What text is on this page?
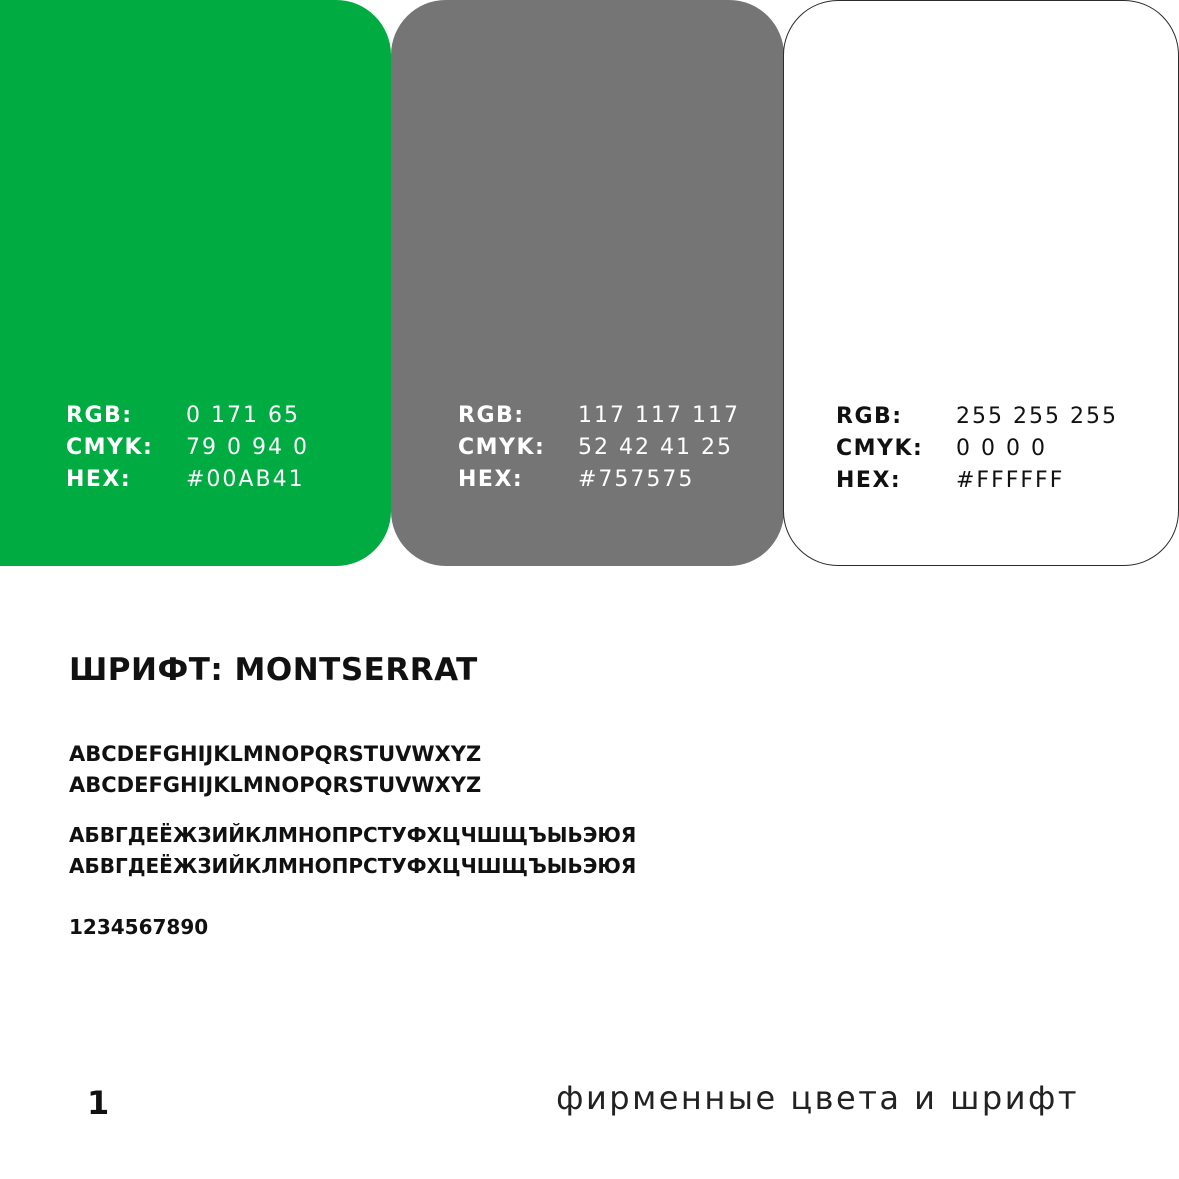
RGB:	0 171 65
CMYK:	79 0 94 0
HEX:	#00AB41
RGB:	117 117 117
CMYK:	52 42 41 25
HEX:	#757575
RGB:	255 255 255
CMYK:	0 0 0 0
HEX:	#FFFFFF
ШРИФТ: MONTSERRAT
ABCDEFGHIJKLMNOPQRSTUVWXYZ
ABCDEFGHIJKLMNOPQRSTUVWXYZ
АБВГДЕЁЖЗИЙКЛМНОПРСТУФХЦЧШЩЪЫЬЭЮЯ
АБВГДЕЁЖЗИЙКЛМНОПРСТУФХЦЧШЩЪЫЬЭЮЯ
1234567890
1	фирменные цвета и шрифт
